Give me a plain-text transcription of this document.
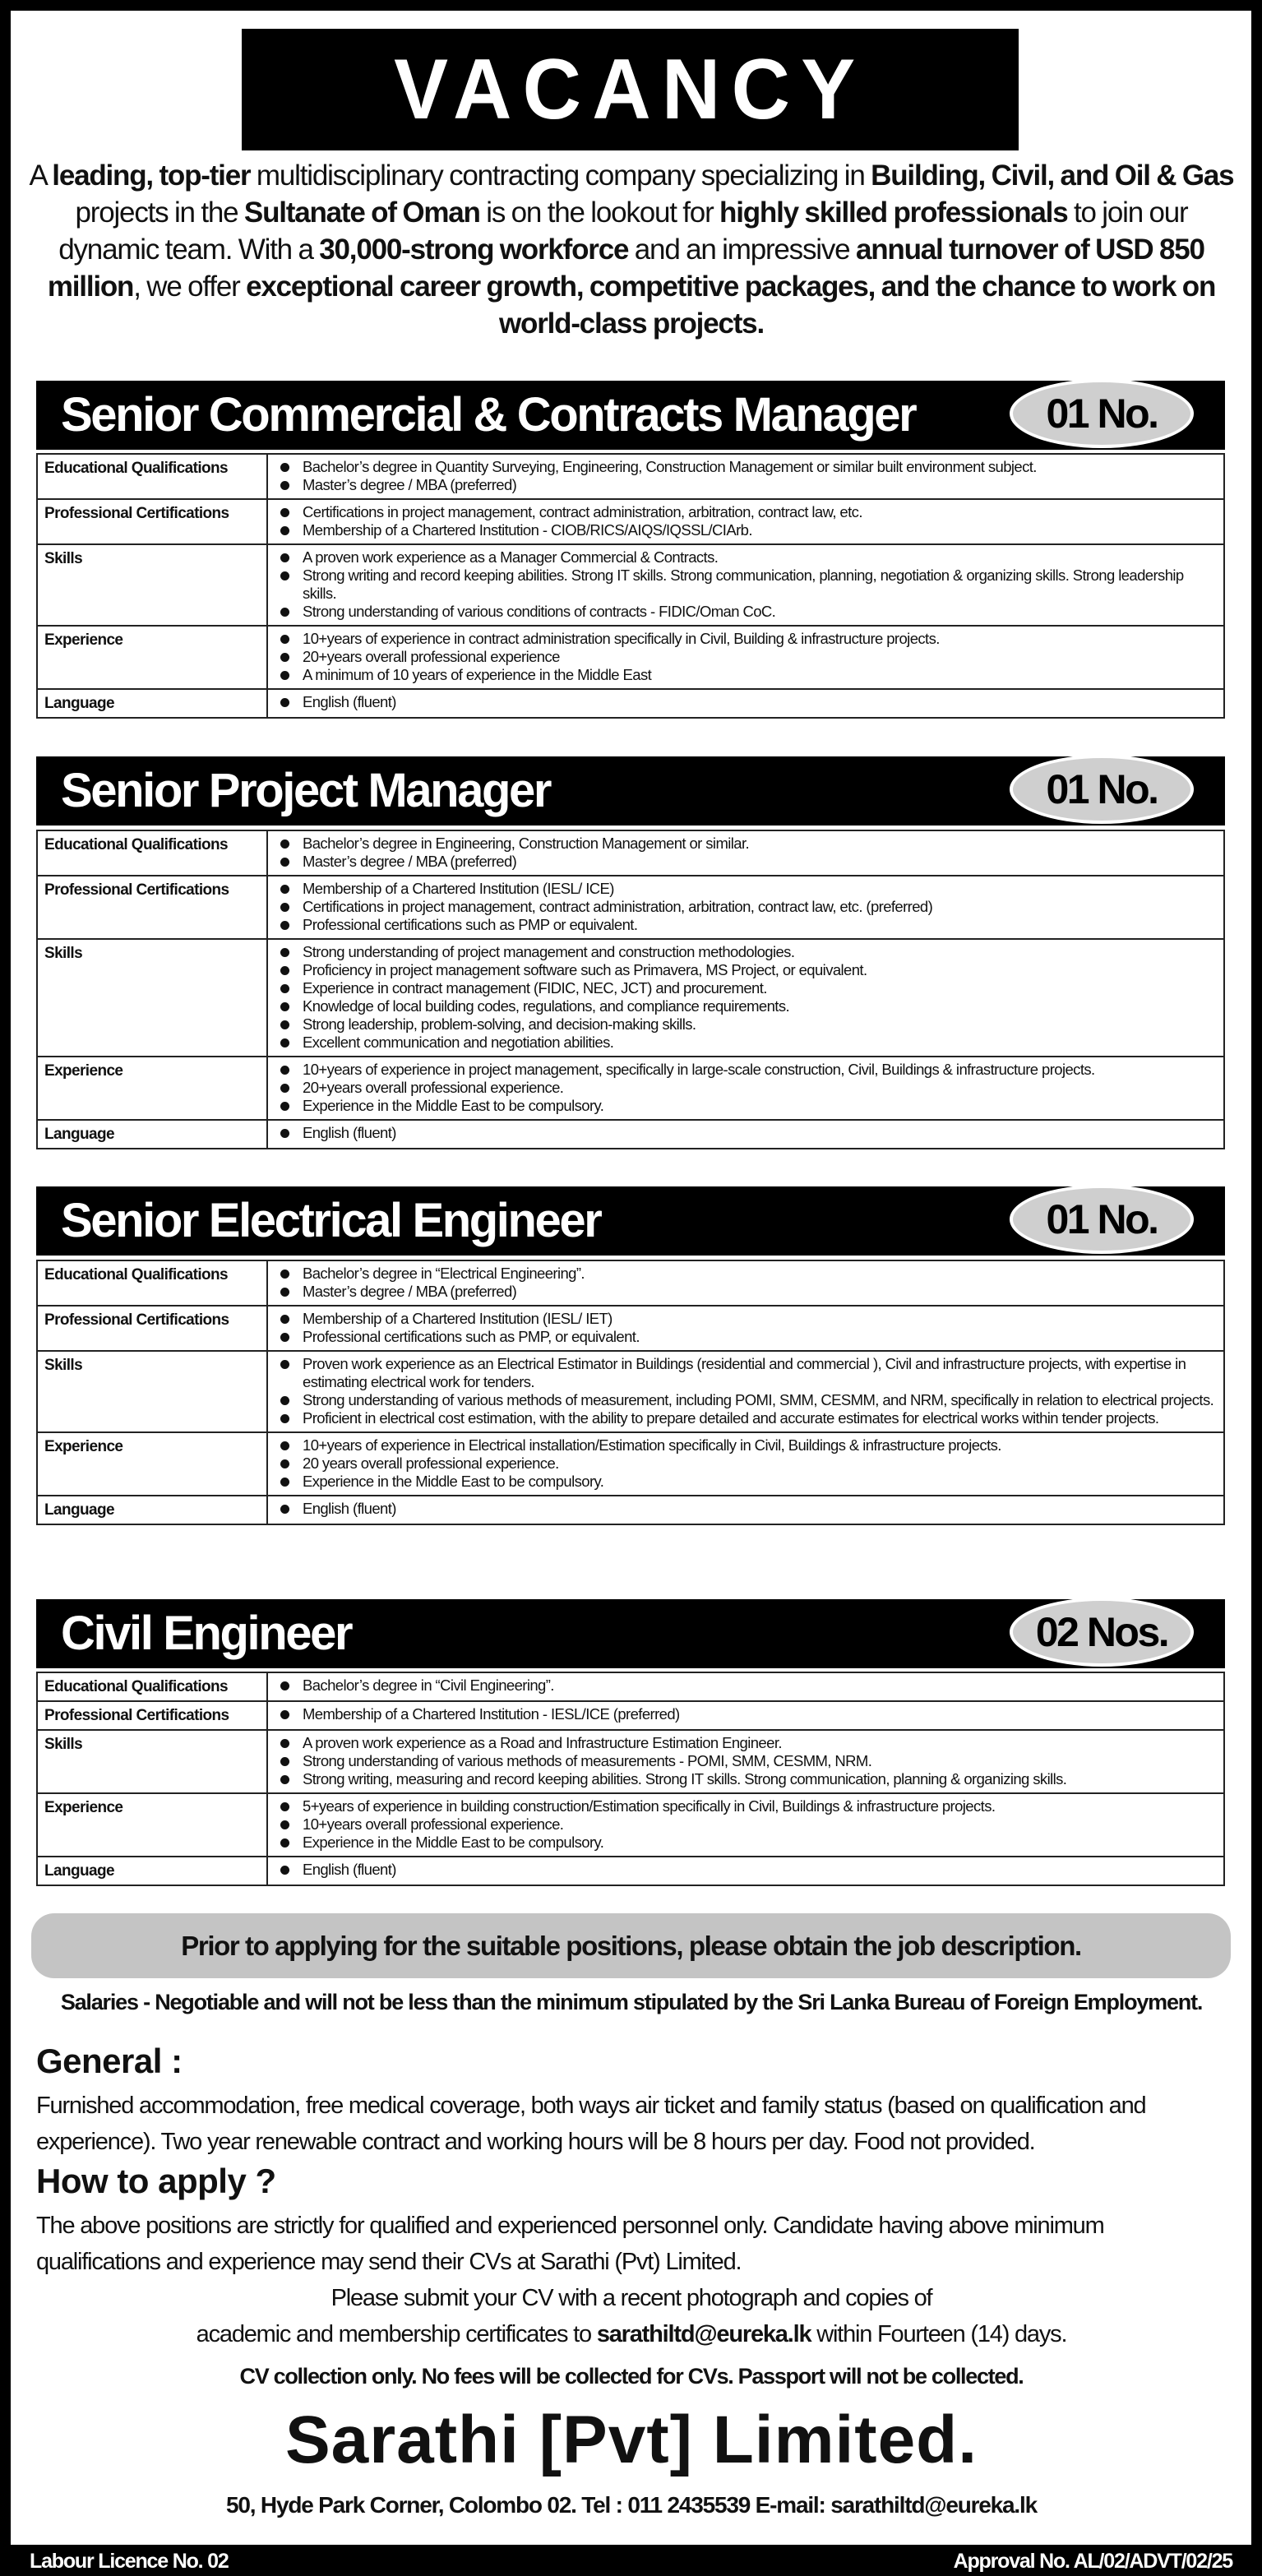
VACANCY
A leading, top-tier multidisciplinary contracting company specializing in Building, Civil, and Oil & Gas projects in the Sultanate of Oman is on the lookout for highly skilled professionals to join our dynamic team. With a 30,000-strong workforce and an impressive annual turnover of USD 850 million, we offer exceptional career growth, competitive packages, and the chance to work on world-class projects.
Senior Commercial & Contracts Manager	01 No.
Educational Qualifications	Bachelor’s degree in Quantity Surveying, Engineering, Construction Management or similar built environment subject.
Master’s degree / MBA (preferred)

Professional Certifications	Certifications in project management, contract administration, arbitration, contract law, etc.
Membership of a Chartered Institution - CIOB/RICS/AIQS/IQSSL/CIArb.

Skills	A proven work experience as a Manager Commercial & Contracts.
Strong writing and record keeping abilities. Strong IT skills. Strong communication, planning, negotiation & organizing skills. Strong leadership skills.
Strong understanding of various conditions of contracts - FIDIC/Oman CoC.

Experience	10+years of experience in contract administration specifically in Civil, Building & infrastructure projects.
20+years overall professional experience
A minimum of 10 years of experience in the Middle East

Language	English (fluent)
Senior Project Manager	01 No.
Educational Qualifications	Bachelor’s degree in Engineering, Construction Management or similar.
Master’s degree / MBA (preferred)

Professional Certifications	Membership of a Chartered Institution (IESL/ ICE)
Certifications in project management, contract administration, arbitration, contract law, etc. (preferred)
Professional certifications such as PMP or equivalent.

Skills	Strong understanding of project management and construction methodologies.
Proficiency in project management software such as Primavera, MS Project, or equivalent.
Experience in contract management (FIDIC, NEC, JCT) and procurement.
Knowledge of local building codes, regulations, and compliance requirements.
Strong leadership, problem-solving, and decision-making skills.
Excellent communication and negotiation abilities.

Experience	10+years of experience in project management, specifically in large-scale construction, Civil, Buildings & infrastructure projects.
20+years overall professional experience.
Experience in the Middle East to be compulsory.

Language	English (fluent)
Senior Electrical Engineer	01 No.
Educational Qualifications	Bachelor’s degree in “Electrical Engineering”.
Master’s degree / MBA (preferred)

Professional Certifications	Membership of a Chartered Institution (IESL/ IET)
Professional certifications such as PMP, or equivalent.

Skills	Proven work experience as an Electrical Estimator in Buildings (residential and commercial ), Civil and infrastructure projects, with expertise in estimating electrical work for tenders.
Strong understanding of various methods of measurement, including POMI, SMM, CESMM, and NRM, specifically in relation to electrical projects.
Proficient in electrical cost estimation, with the ability to prepare detailed and accurate estimates for electrical works within tender projects.

Experience	10+years of experience in Electrical installation/Estimation specifically in Civil, Buildings & infrastructure projects.
20 years overall professional experience.
Experience in the Middle East to be compulsory.

Language	English (fluent)
Civil Engineer	02 Nos.
Educational Qualifications	Bachelor’s degree in “Civil Engineering”.

Professional Certifications	Membership of a Chartered Institution - IESL/ICE (preferred)

Skills	A proven work experience as a Road and Infrastructure Estimation Engineer.
Strong understanding of various methods of measurements - POMI, SMM, CESMM, NRM.
Strong writing, measuring and record keeping abilities. Strong IT skills. Strong communication, planning & organizing skills.

Experience	5+years of experience in building construction/Estimation specifically in Civil, Buildings & infrastructure projects.
10+years overall professional experience.
Experience in the Middle East to be compulsory.

Language	English (fluent)
Prior to applying for the suitable positions, please obtain the job description.
Salaries - Negotiable and will not be less than the minimum stipulated by the Sri Lanka Bureau of Foreign Employment.
General :
Furnished accommodation, free medical coverage, both ways air ticket and family status (based on qualification and experience). Two year renewable contract and working hours will be 8 hours per day. Food not provided.
How to apply ?
The above positions are strictly for qualified and experienced personnel only. Candidate having above minimum qualifications and experience may send their CVs at Sarathi (Pvt) Limited.
Please submit your CV with a recent photograph and copies of
academic and membership certificates to sarathiltd@eureka.lk within Fourteen (14) days.
CV collection only. No fees will be collected for CVs. Passport will not be collected.
Sarathi [Pvt] Limited.
50, Hyde Park Corner, Colombo 02. Tel : 011 2435539 E-mail: sarathiltd@eureka.lk
Labour Licence No. 02	Approval No. AL/02/ADVT/02/25
